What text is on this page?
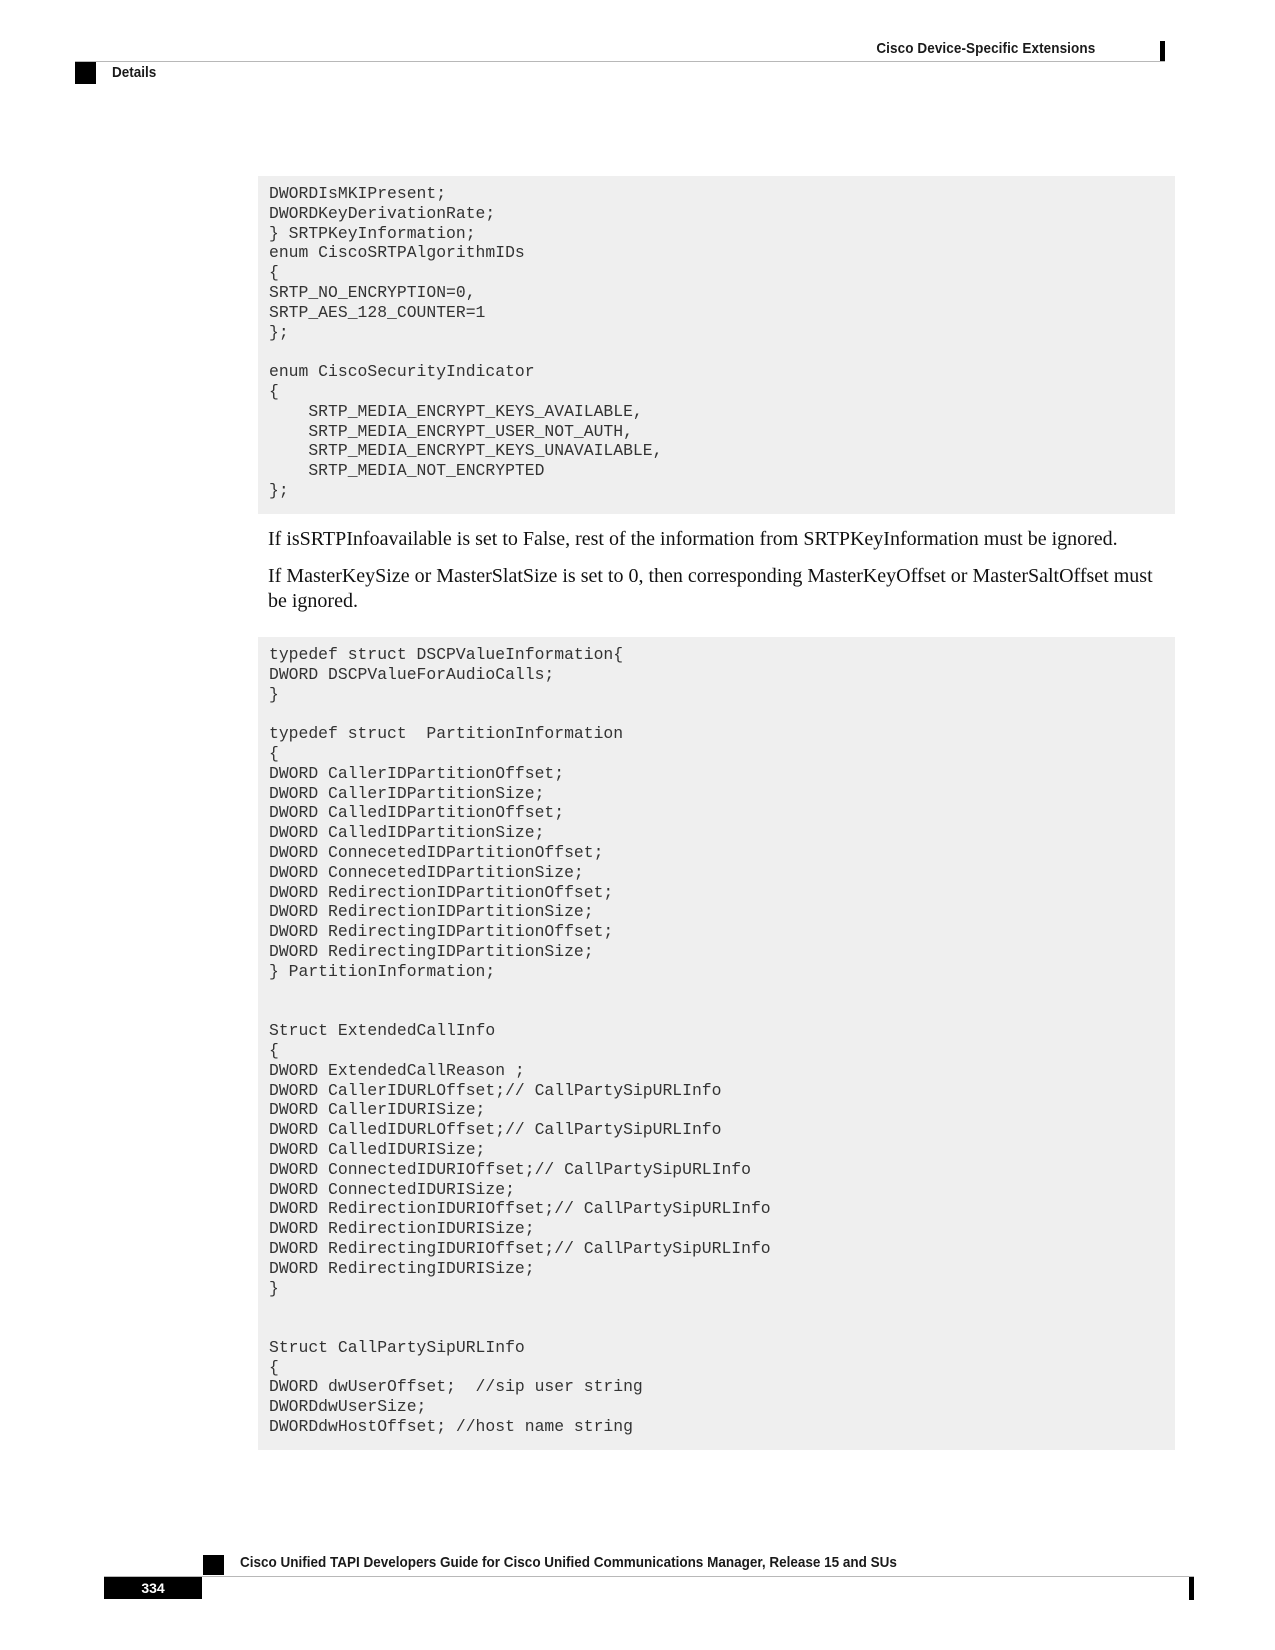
Cisco Device-Specific Extensions
Details
DWORDIsMKIPresent;
DWORDKeyDerivationRate;
} SRTPKeyInformation;
enum CiscoSRTPAlgorithmIDs
{
SRTP_NO_ENCRYPTION=0,
SRTP_AES_128_COUNTER=1
};
enum CiscoSecurityIndicator
{
SRTP_MEDIA_ENCRYPT_KEYS_AVAILABLE,
SRTP_MEDIA_ENCRYPT_USER_NOT_AUTH,
SRTP_MEDIA_ENCRYPT_KEYS_UNAVAILABLE,
SRTP_MEDIA_NOT_ENCRYPTED
};
If isSRTPInfoavailable is set to False, rest of the information from SRTPKeyInformation must be ignored.
If MasterKeySize or MasterSlatSize is set to 0, then corresponding MasterKeyOffset or MasterSaltOffset must be ignored.
typedef struct DSCPValueInformation{
DWORD DSCPValueForAudioCalls;
}
typedef struct  PartitionInformation
{
DWORD CallerIDPartitionOffset;
DWORD CallerIDPartitionSize;
DWORD CalledIDPartitionOffset;
DWORD CalledIDPartitionSize;
DWORD ConnecetedIDPartitionOffset;
DWORD ConnecetedIDPartitionSize;
DWORD RedirectionIDPartitionOffset;
DWORD RedirectionIDPartitionSize;
DWORD RedirectingIDPartitionOffset;
DWORD RedirectingIDPartitionSize;
} PartitionInformation;
Struct ExtendedCallInfo
{
DWORD ExtendedCallReason ;
DWORD CallerIDURLOffset;// CallPartySipURLInfo
DWORD CallerIDURISize;
DWORD CalledIDURLOffset;// CallPartySipURLInfo
DWORD CalledIDURISize;
DWORD ConnectedIDURIOffset;// CallPartySipURLInfo
DWORD ConnectedIDURISize;
DWORD RedirectionIDURIOffset;// CallPartySipURLInfo
DWORD RedirectionIDURISize;
DWORD RedirectingIDURIOffset;// CallPartySipURLInfo
DWORD RedirectingIDURISize;
}
Struct CallPartySipURLInfo
{
DWORD dwUserOffset;  //sip user string
DWORDdwUserSize;
DWORDdwHostOffset; //host name string
Cisco Unified TAPI Developers Guide for Cisco Unified Communications Manager, Release 15 and SUs
334
